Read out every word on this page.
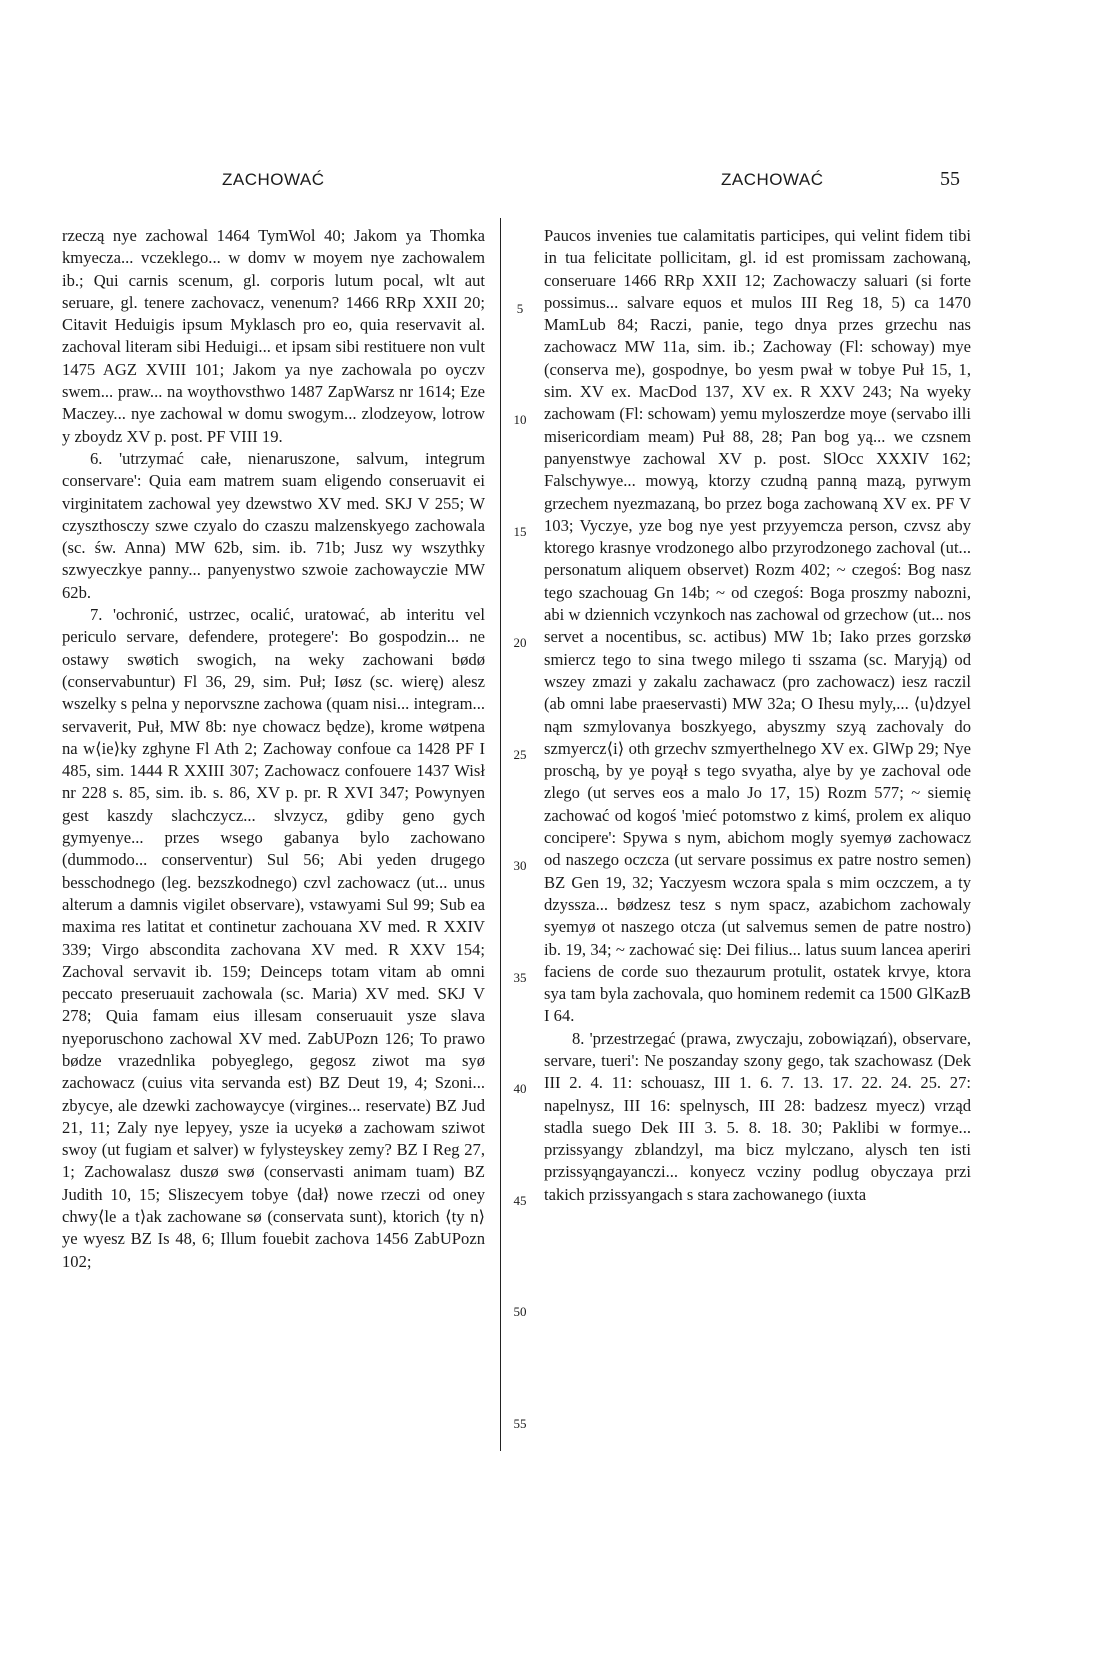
ZACHOWAĆ	ZACHOWAĆ	55

rzeczą nye zachowal 1464 TymWol 40; Jakom ya Thomka kmyecza... vczeklego... w domv w moyem nye zachowalem ib.; Qui carnis scenum, gl. corporis lutum pocal, wlt aut seruare, gl. tenere zachovacz, venenum? 1466 RRp XXII 20; Citavit Heduigis ipsum Myklasch pro eo, quia reservavit al. zachoval literam sibi Heduigi... et ipsam sibi restituere non vult 1475 AGZ XVIII 101; Jakom ya nye zachowala po oyczv swem... praw... na woythovsthwo 1487 ZapWarsz nr 1614; Eze Maczey... nye zachowal w domu swogym... zlodzeyow, lotrow y zboydz XV p. post. PF VIII 19.

6. 'utrzymać całe, nienaruszone, salvum, integrum conservare': Quia eam matrem suam eligendo conseruavit ei virginitatem zachowal yey dzewstwo XV med. SKJ V 255; W czyszthosczy szwe czyalo do czaszu malzenskyego zachowala (sc. św. Anna) MW 62b, sim. ib. 71b; Jusz wy wszythky szwyeczkye panny... panyenystwo szwoie zachowayczie MW 62b.

7. 'ochronić, ustrzec, ocalić, uratować, ab interitu vel periculo servare, defendere, protegere': Bo gospodzin... ne ostawy swøtich swogich, na weky zachowani bødø (conservabuntur) Fl 36, 29, sim. Puł; Iøsz (sc. wierę) alesz wszelky s pelna y neporvszne zachowa (quam nisi... integram... servaverit, Puł, MW 8b: nye chowacz będze), krome wøtpena na w⟨ie⟩ky zghyne Fl Ath 2; Zachoway confoue ca 1428 PF I 485, sim. 1444 R XXIII 307; Zachowacz confouere 1437 Wisł nr 228 s. 85, sim. ib. s. 86, XV p. pr. R XVI 347; Powynyen gest kaszdy slachczycz... slvzycz, gdiby geno gych gymyenye... przes wsego gabanya bylo zachowano (dummodo... conserventur) Sul 56; Abi yeden drugego besschodnego (leg. bezszkodnego) czvl zachowacz (ut... unus alterum a damnis vigilet observare), vstawyami Sul 99; Sub ea maxima res latitat et continetur zachouana XV med. R XXIV 339; Virgo abscondita zachovana XV med. R XXV 154; Zachoval servavit ib. 159; Deinceps totam vitam ab omni peccato preseruauit zachowala (sc. Maria) XV med. SKJ V 278; Quia famam eius illesam conseruauit ysze slava nyeporuschono zachowal XV med. ZabUPozn 126; To prawo bødze vrazednlika pobyeglego, gegosz ziwot ma syø zachowacz (cuius vita servanda est) BZ Deut 19, 4; Szoni... zbycye, ale dzewki zachowaycye (virgines... reservate) BZ Jud 21, 11; Zaly nye lepyey, ysze ia ucyekø a zachowam sziwot swoy (ut fugiam et salver) w fylysteyskey zemy? BZ I Reg 27, 1; Zachowalasz duszø swø (conservasti animam tuam) BZ Judith 10, 15; Sliszecyem tobye ⟨dał⟩ nowe rzeczi od oney chwy⟨le a t⟩ak zachowane sø (conservata sunt), ktorich ⟨ty n⟩ye wyesz BZ Is 48, 6; Illum fouebit zachova 1456 ZabUPozn 102;

5
10
15
20
25
30
35
40
45
50
55

Paucos invenies tue calamitatis participes, qui velint fidem tibi in tua felicitate pollicitam, gl. id est promissam zachowaną, conseruare 1466 RRp XXII 12; Zachowaczy saluari (si forte possimus... salvare equos et mulos III Reg 18, 5) ca 1470 MamLub 84; Raczi, panie, tego dnya przes grzechu nas zachowacz MW 11a, sim. ib.; Zachoway (Fl: schoway) mye (conserva me), gospodnye, bo yesm pwał w tobye Puł 15, 1, sim. XV ex. MacDod 137, XV ex. R XXV 243; Na wyeky zachowam (Fl: schowam) yemu myloszerdze moye (servabo illi misericordiam meam) Puł 88, 28; Pan bog yą... we czsnem panyenstwye zachowal XV p. post. SlOcc XXXIV 162; Falschywye... mowyą, ktorzy czudną panną mazą, pyrwym grzechem nyezmazaną, bo przez boga zachowaną XV ex. PF V 103; Vyczye, yze bog nye yest przyyemcza person, czvsz aby ktorego krasnye vrodzonego albo przyrodzonego zachoval (ut... personatum aliquem observet) Rozm 402; ~ czegoś: Bog nasz tego szachouag Gn 14b; ~ od czegoś: Boga proszmy nabozni, abi w dziennich vczynkoch nas zachowal od grzechow (ut... nos servet a nocentibus, sc. actibus) MW 1b; Iako przes gorzskø smiercz tego to sina twego milego ti sszama (sc. Maryją) od wszey zmazi y zakalu zachawacz (pro zachowacz) iesz raczil (ab omni labe praeservasti) MW 32a; O Ihesu myly,... ⟨u⟩dzyel nąm szmylovanya boszkyego, abyszmy szyą zachovaly do szmyercz⟨i⟩ oth grzechv szmyerthelnego XV ex. GlWp 29; Nye proschą, by ye poyął s tego svyatha, alye by ye zachoval ode zlego (ut serves eos a malo Jo 17, 15) Rozm 577; ~ siemię zachować od kogoś 'mieć potomstwo z kimś, prolem ex aliquo concipere': Spywa s nym, abichom mogly syemyø zachowacz od naszego oczcza (ut servare possimus ex patre nostro semen) BZ Gen 19, 32; Yaczyesm wczora spala s mim oczczem, a ty dzyssza... bødzesz tesz s nym spacz, azabichom zachowaly syemyø ot naszego otcza (ut salvemus semen de patre nostro) ib. 19, 34; ~ zachować się: Dei filius... latus suum lancea aperiri faciens de corde suo thezaurum protulit, ostatek krvye, ktora sya tam byla zachovala, quo hominem redemit ca 1500 GlKazB I 64.

8. 'przestrzegać (prawa, zwyczaju, zobowiązań), observare, servare, tueri': Ne poszanday szony gego, tak szachowasz (Dek III 2. 4. 11: schouasz, III 1. 6. 7. 13. 17. 22. 24. 25. 27: napelnysz, III 16: spelnysch, III 28: badzesz myecz) vrząd stadla suego Dek III 3. 5. 8. 18. 30; Paklibi w formye... przissyangy zblandzyl, ma bicz mylczano, alysch ten isti przissyąngayanczi... konyecz vcziny podlug obyczaya przi takich przissyangach s stara zachowanego (iuxta
